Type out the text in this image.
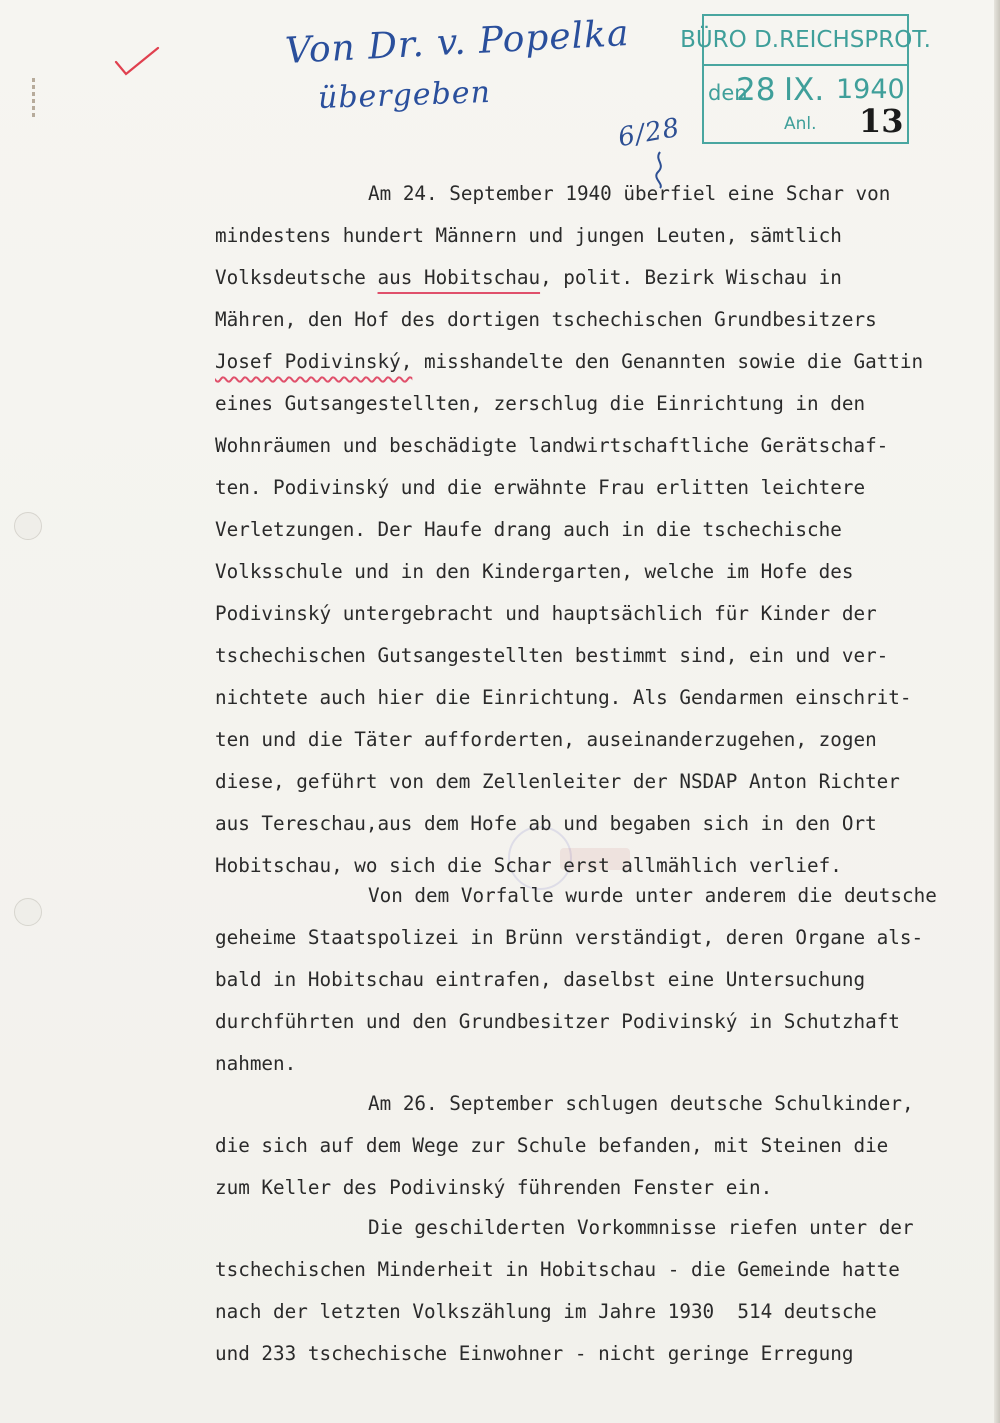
Von Dr. v. Popelka
übergeben
6/28
BÜRO D.REICHSPROT.
den
28 IX. 1940
Anl. 13
Am 24. September 1940 überfiel eine Schar von
mindestens hundert Männern und jungen Leuten, sämtlich
Volksdeutsche aus Hobitschau, polit. Bezirk Wischau in
Mähren, den Hof des dortigen tschechischen Grundbesitzers
Josef Podivinský, misshandelte den Genannten sowie die Gattin
eines Gutsangestellten, zerschlug die Einrichtung in den
Wohnräumen und beschädigte landwirtschaftliche Gerätschaf-
ten. Podivinský und die erwähnte Frau erlitten leichtere
Verletzungen. Der Haufe drang auch in die tschechische
Volksschule und in den Kindergarten, welche im Hofe des
Podivinský untergebracht und hauptsächlich für Kinder der
tschechischen Gutsangestellten bestimmt sind, ein und ver-
nichtete auch hier die Einrichtung. Als Gendarmen einschrit-
ten und die Täter aufforderten, auseinanderzugehen, zogen
diese, geführt von dem Zellenleiter der NSDAP Anton Richter
aus Tereschau,aus dem Hofe ab und begaben sich in den Ort
Hobitschau, wo sich die Schar erst allmählich verlief.
Von dem Vorfalle wurde unter anderem die deutsche
geheime Staatspolizei in Brünn verständigt, deren Organe als-
bald in Hobitschau eintrafen, daselbst eine Untersuchung
durchführten und den Grundbesitzer Podivinský in Schutzhaft
nahmen.
Am 26. September schlugen deutsche Schulkinder,
die sich auf dem Wege zur Schule befanden, mit Steinen die
zum Keller des Podivinský führenden Fenster ein.
Die geschilderten Vorkommnisse riefen unter der
tschechischen Minderheit in Hobitschau - die Gemeinde hatte
nach der letzten Volkszählung im Jahre 1930  514 deutsche
und 233 tschechische Einwohner - nicht geringe Erregung
